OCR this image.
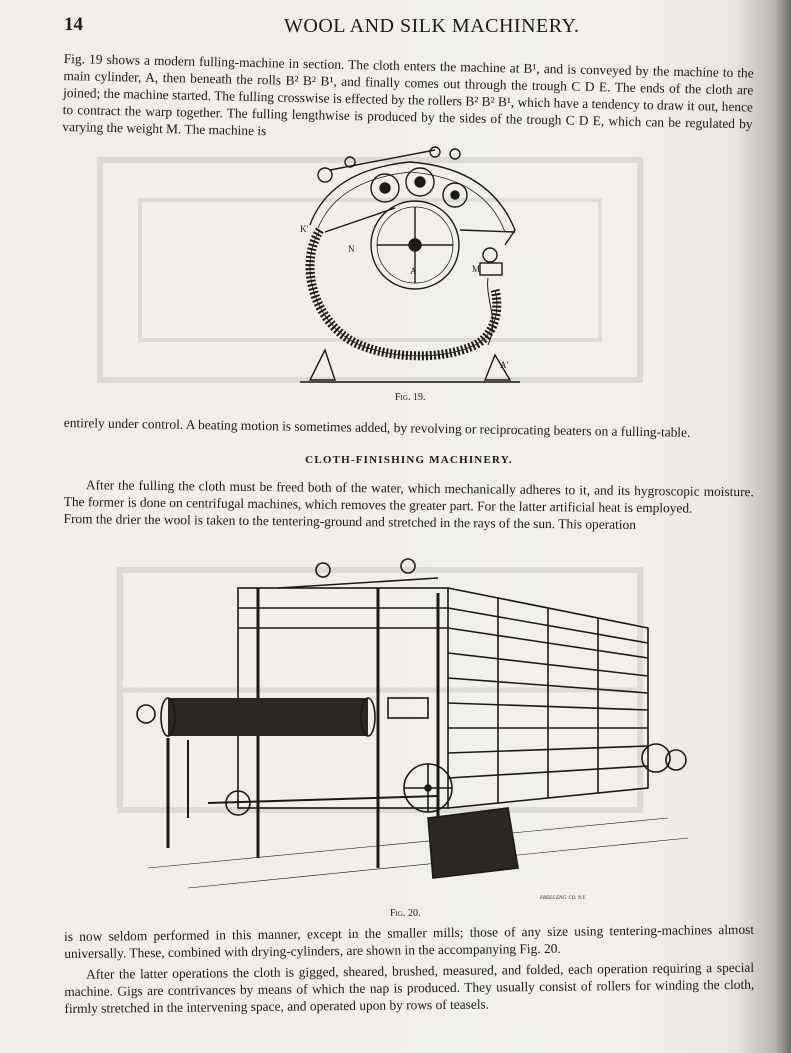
14	WOOL AND SILK MACHINERY.

Fig. 19 shows a modern fulling-machine in section. The cloth enters the machine at B¹, and is conveyed by the machine to the main cylinder, A, then beneath the rolls B² B² B¹, and finally comes out through the trough C D E. The ends of the cloth are joined; the machine started. The fulling crosswise is effected by the rollers B² B² B¹, which have a tendency to draw it out, hence to contract the warp together. The fulling lengthwise is produced by the sides of the trough C D E, which can be regulated by varying the weight M. The machine is

A
A'
K'
N
M
Fig. 19.

entirely under control. A beating motion is sometimes added, by revolving or reciprocating beaters on a fulling-table.

CLOTH-FINISHING MACHINERY.

After the fulling the cloth must be freed both of the water, which mechanically adheres to it, and its hygroscopic moisture. The former is done on centrifugal machines, which removes the greater part. For the latter artificial heat is employed.
From the drier the wool is taken to the tentering-ground and stretched in the rays of the sun. This operation

FREES ENG. CO. N.Y.
Fig. 20.

is now seldom performed in this manner, except in the smaller mills; those of any size using tentering-machines almost universally. These, combined with drying-cylinders, are shown in the accompanying Fig. 20.

After the latter operations the cloth is gigged, sheared, brushed, measured, and folded, each operation requiring a special machine. Gigs are contrivances by means of which the nap is produced. They usually consist of rollers for winding the cloth, firmly stretched in the intervening space, and operated upon by rows of teasels.
